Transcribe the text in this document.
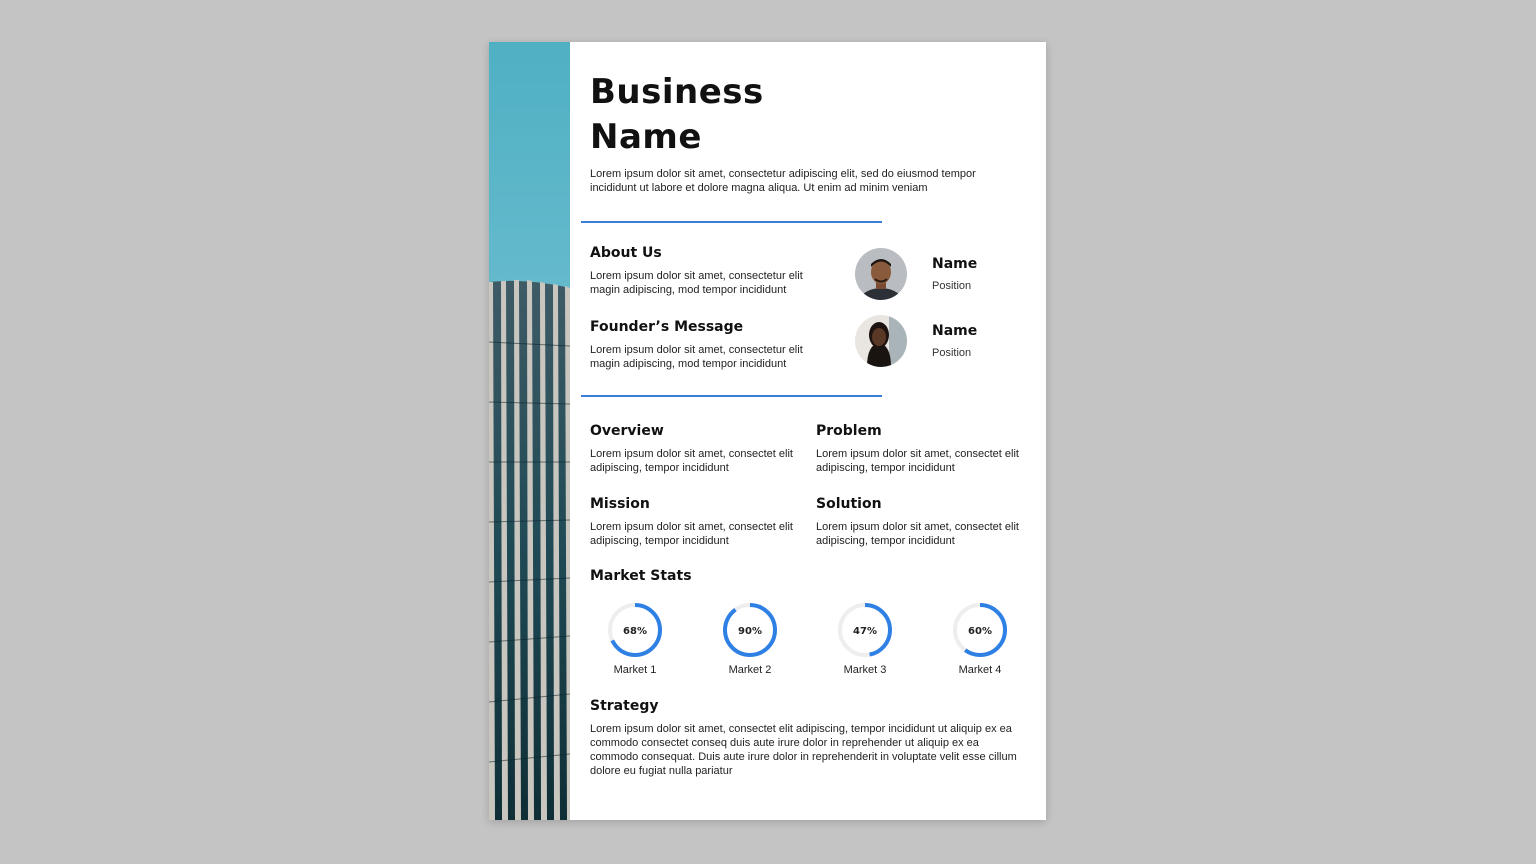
Business
Name

Lorem ipsum dolor sit amet, consectetur adipiscing elit, sed do eiusmod tempor incididunt ut labore et dolore magna aliqua. Ut enim ad minim veniam

About Us

Lorem ipsum dolor sit amet, consectetur elit magin adipiscing, mod tempor incididunt

Founder’s Message

Lorem ipsum dolor sit amet, consectetur elit magin adipiscing, mod tempor incididunt

Name
Position
Name
Position
Overview

Lorem ipsum dolor sit amet, consectet elit adipiscing, tempor incididunt

Problem

Lorem ipsum dolor sit amet, consectet elit adipiscing, tempor incididunt

Mission

Lorem ipsum dolor sit amet, consectet elit adipiscing, tempor incididunt

Solution

Lorem ipsum dolor sit amet, consectet elit adipiscing, tempor incididunt

Market Stats
68%
Market 1
90%
Market 2
47%
Market 3
60%
Market 4
Strategy

Lorem ipsum dolor sit amet, consectet elit adipiscing, tempor incididunt ut aliquip ex ea commodo consectet conseq duis aute irure dolor in reprehender ut aliquip ex ea commodo consequat. Duis aute irure dolor in reprehenderit in voluptate velit esse cillum dolore eu fugiat nulla pariatur
